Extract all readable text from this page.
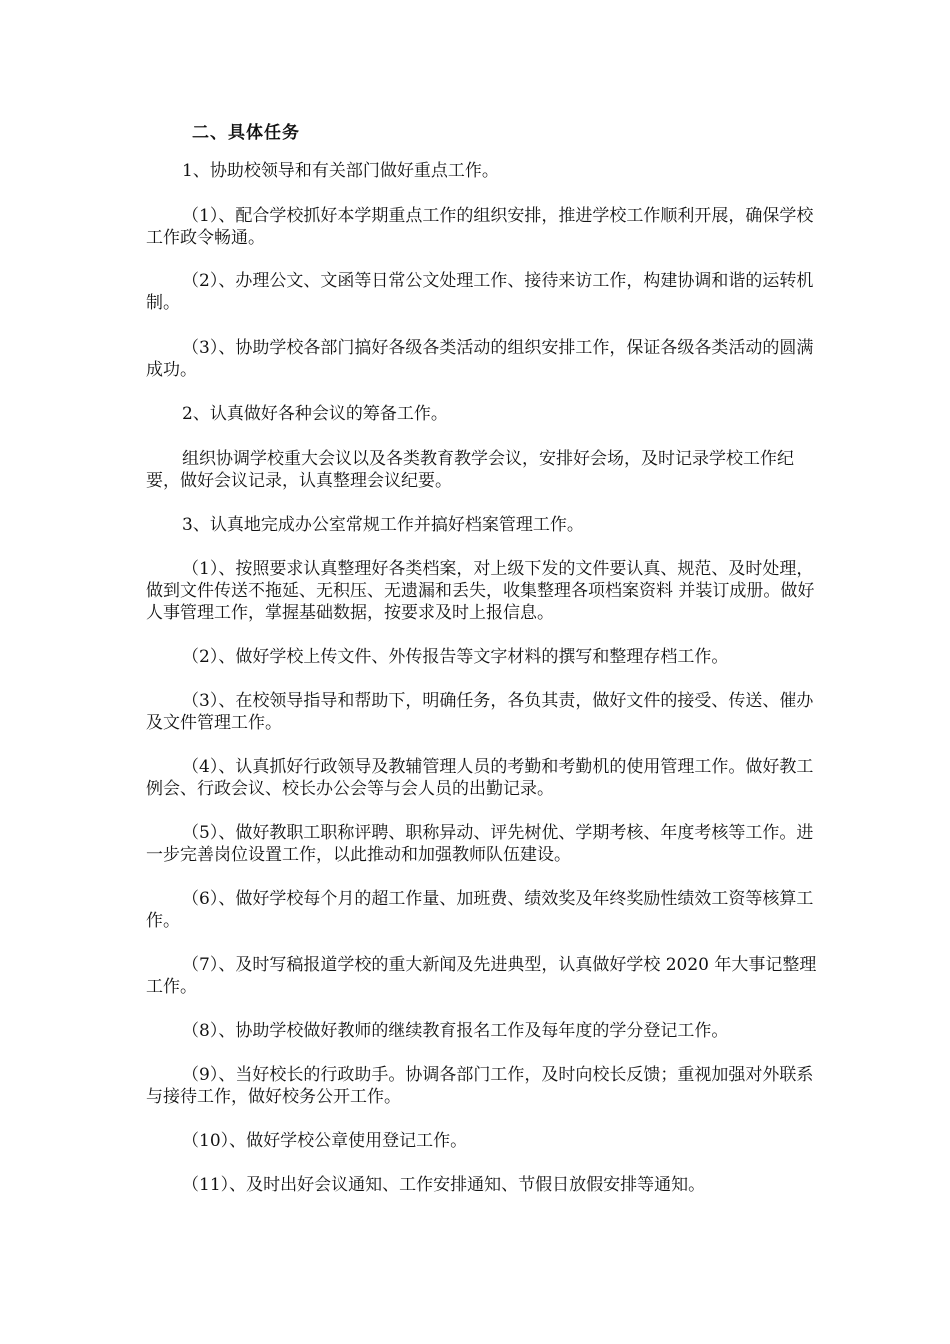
二、具体任务

1、协助校领导和有关部门做好重点工作。

（1）、配合学校抓好本学期重点工作的组织安排，推进学校工作顺利开展，确保学校工作政令畅通。

（2）、办理公文、文函等日常公文处理工作、接待来访工作，构建协调和谐的运转机制。

（3）、协助学校各部门搞好各级各类活动的组织安排工作，保证各级各类活动的圆满成功。

2、认真做好各种会议的筹备工作。

组织协调学校重大会议以及各类教育教学会议，安排好会场，及时记录学校工作纪要，做好会议记录，认真整理会议纪要。

3、认真地完成办公室常规工作并搞好档案管理工作。

（1）、按照要求认真整理好各类档案，对上级下发的文件要认真、规范、及时处理，做到文件传送不拖延、无积压、无遗漏和丢失，收集整理各项档案资料 并装订成册。做好人事管理工作，掌握基础数据，按要求及时上报信息。

（2）、做好学校上传文件、外传报告等文字材料的撰写和整理存档工作。

（3）、在校领导指导和帮助下，明确任务，各负其责，做好文件的接受、传送、催办及文件管理工作。

（4）、认真抓好行政领导及教辅管理人员的考勤和考勤机的使用管理工作。做好教工例会、行政会议、校长办公会等与会人员的出勤记录。

（5）、做好教职工职称评聘、职称异动、评先树优、学期考核、年度考核等工作。进一步完善岗位设置工作，以此推动和加强教师队伍建设。

（6）、做好学校每个月的超工作量、加班费、绩效奖及年终奖励性绩效工资等核算工作。

（7）、及时写稿报道学校的重大新闻及先进典型，认真做好学校 2020 年大事记整理工作。

（8）、协助学校做好教师的继续教育报名工作及每年度的学分登记工作。

（9）、当好校长的行政助手。协调各部门工作，及时向校长反馈；重视加强对外联系与接待工作，做好校务公开工作。

（10）、做好学校公章使用登记工作。

（11）、及时出好会议通知、工作安排通知、节假日放假安排等通知。
